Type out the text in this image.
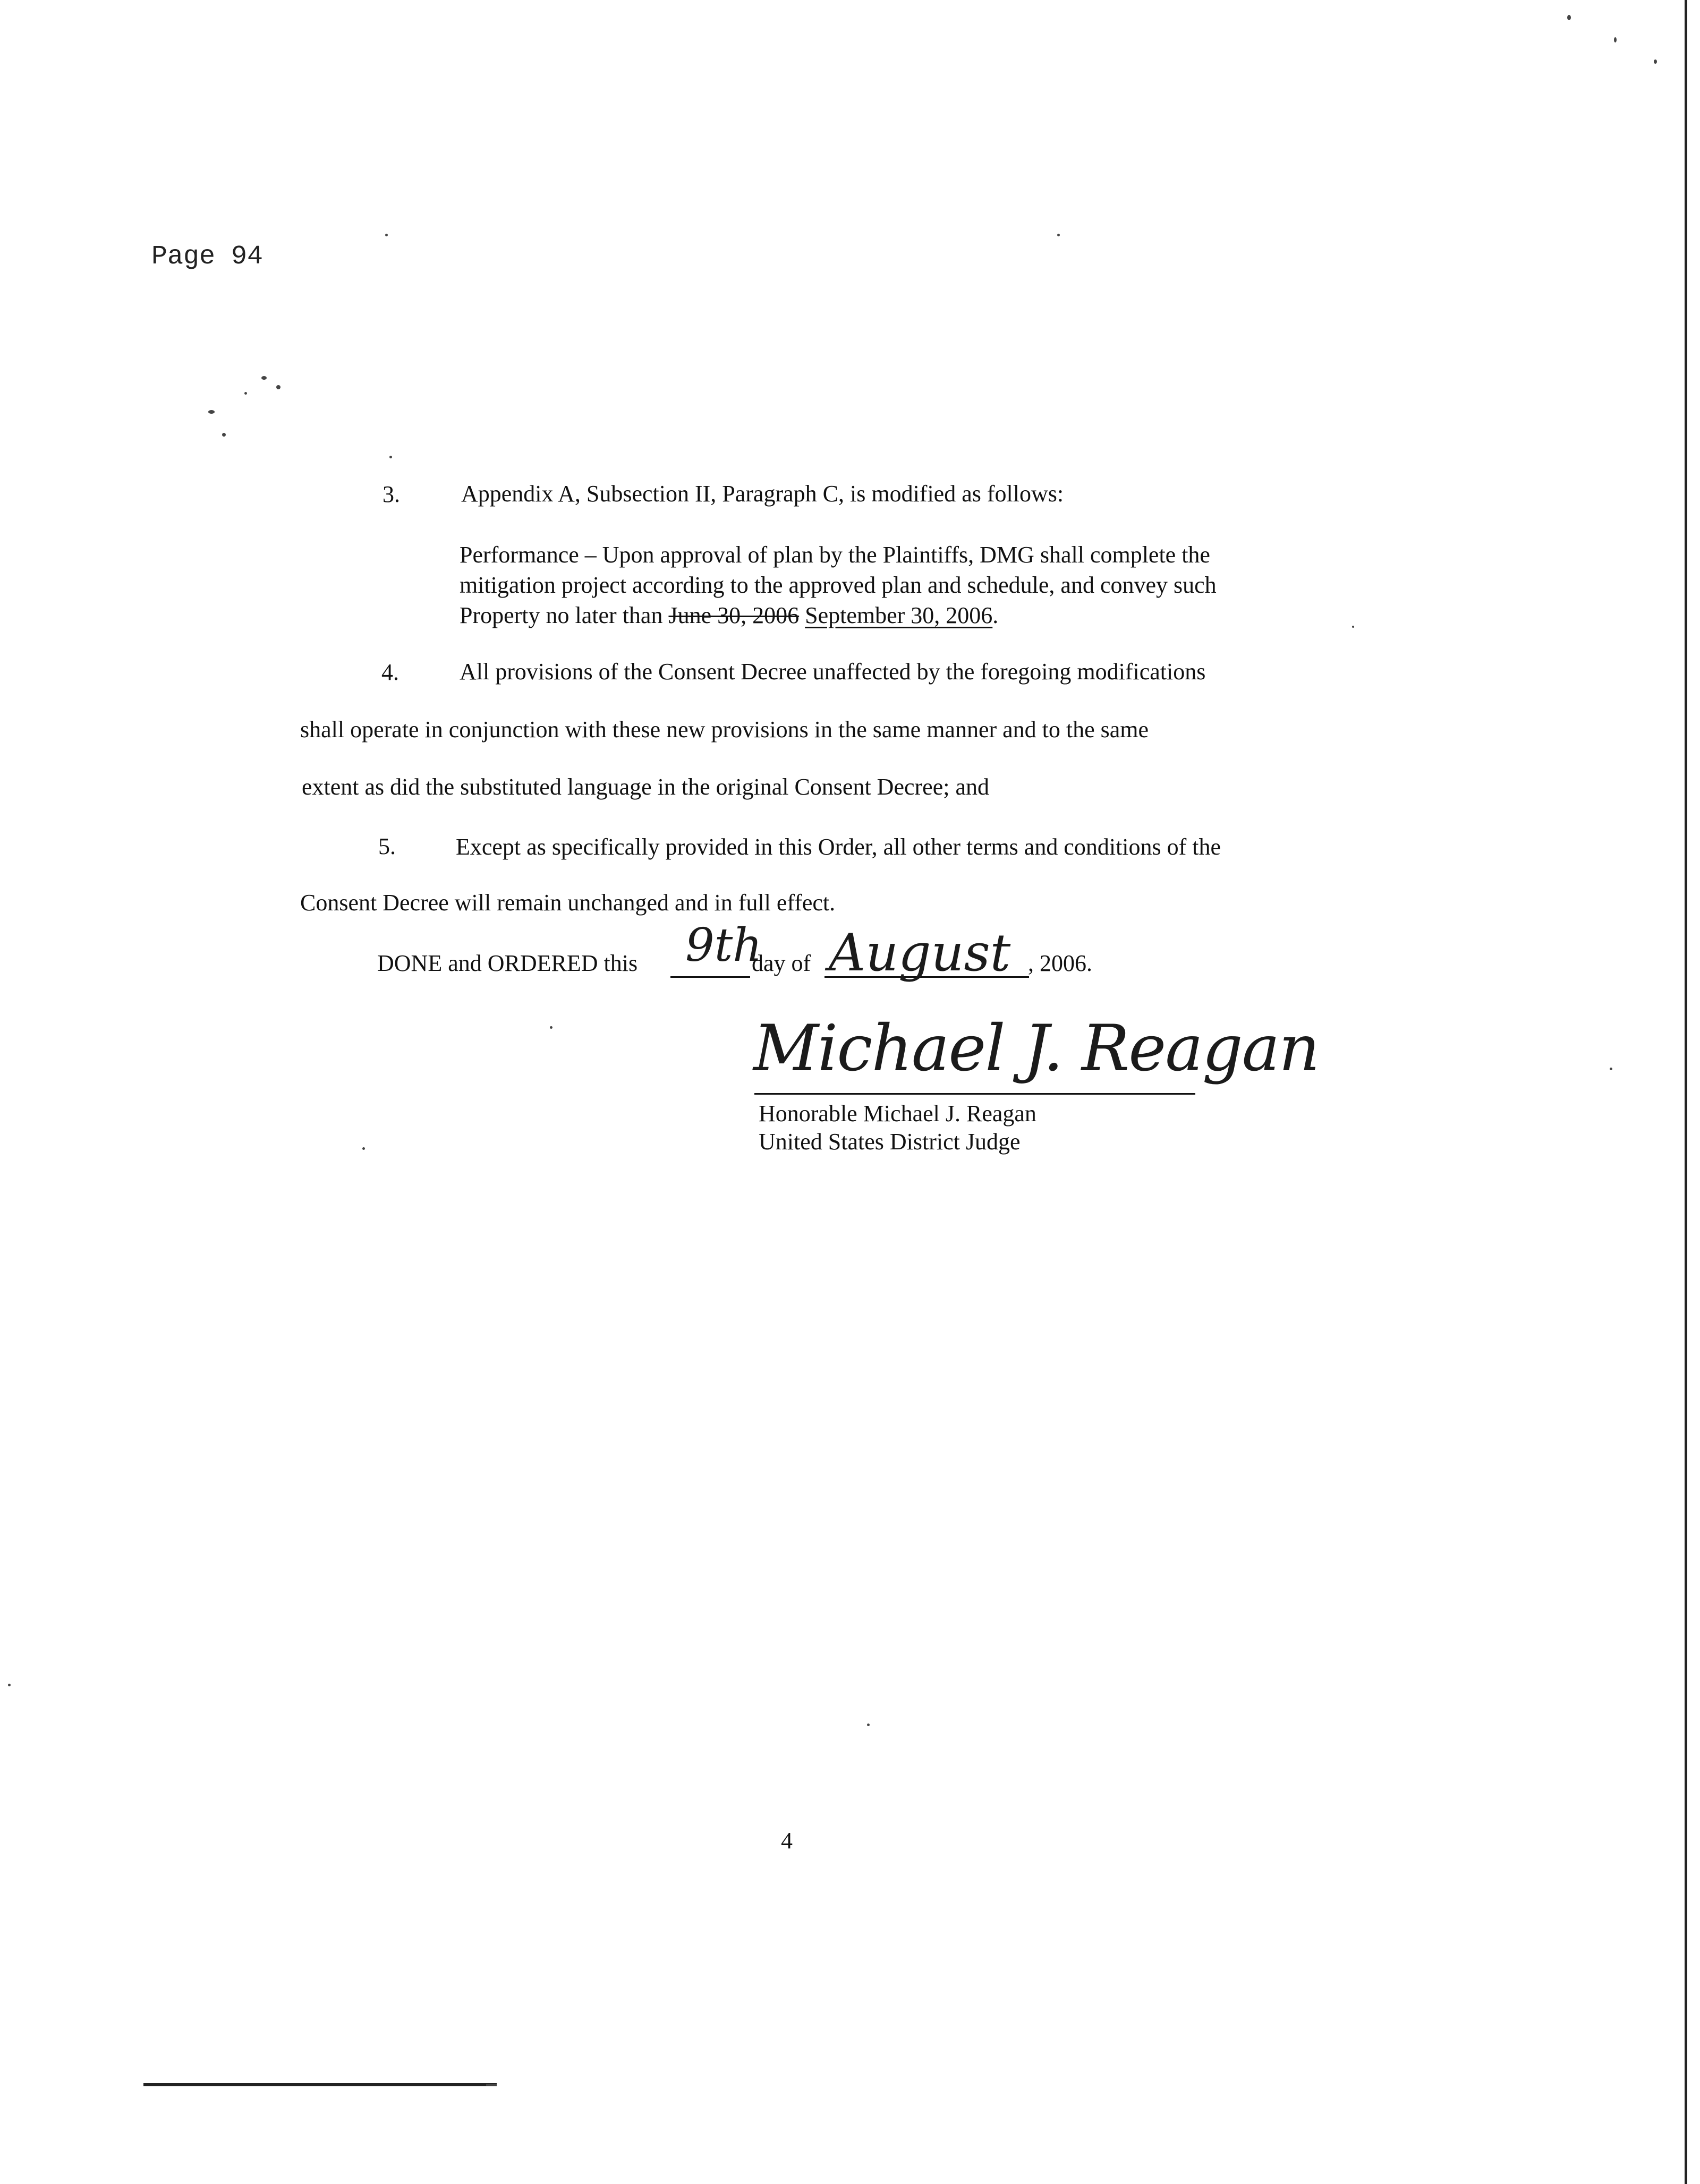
Page 94
3.	Appendix A, Subsection II, Paragraph C, is modified as follows:
Performance – Upon approval of plan by the Plaintiffs, DMG shall complete the
mitigation project according to the approved plan and schedule, and convey such
Property no later than June 30, 2006 September 30, 2006.
4.	All provisions of the Consent Decree unaffected by the foregoing modifications
shall operate in conjunction with these new provisions in the same manner and to the same
extent as did the substituted language in the original Consent Decree; and
5.	Except as specifically provided in this Order, all other terms and conditions of the
Consent Decree will remain unchanged and in full effect.
DONE and ORDERED this 9th
day of August , 2006.
Michael J. Reagan
Honorable Michael J. Reagan
United States District Judge
4
